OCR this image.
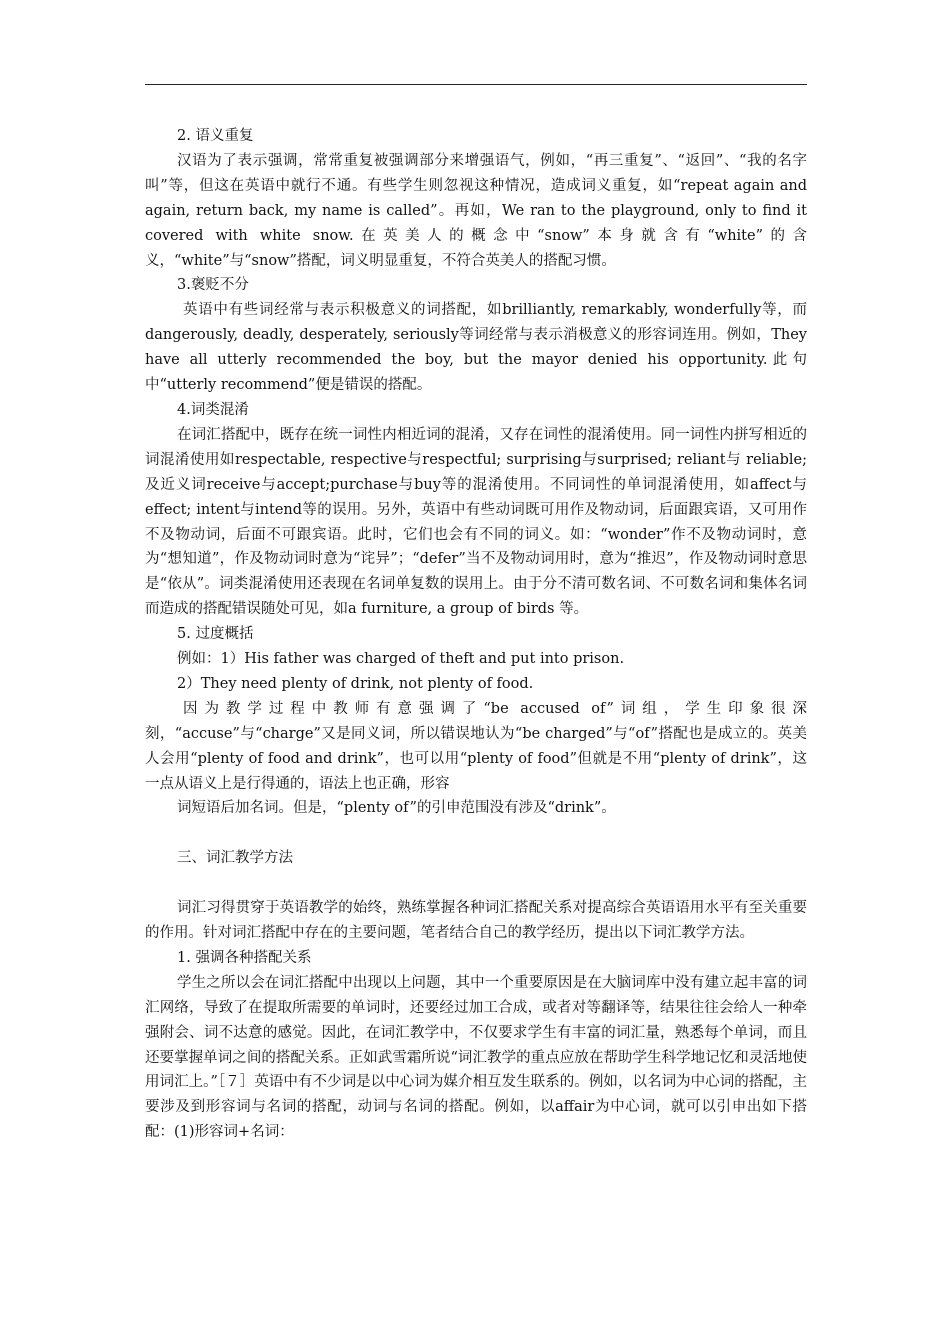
2. 语义重复

汉语为了表示强调，常常重复被强调部分来增强语气，例如，“再三重复”、“返回”、“我的名字叫”等，但这在英语中就行不通。有些学生则忽视这种情况，造成词义重复，如“repeat again and again, return back, my name is called”。再如，We ran to the playground, only to find it covered with white snow.在英美人的概念中“snow”本身就含有“white”的含义，“white”与“snow”搭配，词义明显重复，不符合英美人的搭配习惯。

3.褒贬不分

英语中有些词经常与表示积极意义的词搭配，如brilliantly, remarkably, wonderfully等，而dangerously, deadly, desperately, seriously等词经常与表示消极意义的形容词连用。例如，They have all utterly recommended the boy, but the mayor denied his opportunity.此句中“utterly recommend”便是错误的搭配。

4.词类混淆

在词汇搭配中，既存在统一词性内相近词的混淆，又存在词性的混淆使用。同一词性内拼写相近的词混淆使用如respectable, respective与respectful; surprising与surprised; reliant与 reliable;及近义词receive与accept;purchase与buy等的混淆使用。不同词性的单词混淆使用，如affect与effect; intent与intend等的误用。另外，英语中有些动词既可用作及物动词，后面跟宾语，又可用作不及物动词，后面不可跟宾语。此时，它们也会有不同的词义。如：“wonder”作不及物动词时，意为“想知道”，作及物动词时意为“诧异”；“defer”当不及物动词用时，意为“推迟”，作及物动词时意思是“依从”。词类混淆使用还表现在名词单复数的误用上。由于分不清可数名词、不可数名词和集体名词而造成的搭配错误随处可见，如a furniture, a group of birds 等。

5. 过度概括

例如：1）His father was charged of theft and put into prison.

2）They need plenty of drink, not plenty of food.

因为教学过程中教师有意强调了“be accused of”词组，学生印象很深刻，“accuse”与“charge”又是同义词，所以错误地认为“be charged”与“of”搭配也是成立的。英美人会用“plenty of food and drink”，也可以用“plenty of food”但就是不用“plenty of drink”，这一点从语义上是行得通的，语法上也正确，形容

词短语后加名词。但是，“plenty of”的引申范围没有涉及“drink”。

三、词汇教学方法

词汇习得贯穿于英语教学的始终，熟练掌握各种词汇搭配关系对提高综合英语语用水平有至关重要的作用。针对词汇搭配中存在的主要问题，笔者结合自己的教学经历，提出以下词汇教学方法。

1. 强调各种搭配关系

学生之所以会在词汇搭配中出现以上问题，其中一个重要原因是在大脑词库中没有建立起丰富的词汇网络，导致了在提取所需要的单词时，还要经过加工合成，或者对等翻译等，结果往往会给人一种牵强附会、词不达意的感觉。因此，在词汇教学中，不仅要求学生有丰富的词汇量，熟悉每个单词，而且还要掌握单词之间的搭配关系。正如武雪霜所说“词汇教学的重点应放在帮助学生科学地记忆和灵活地使用词汇上。”［７］英语中有不少词是以中心词为媒介相互发生联系的。例如，以名词为中心词的搭配，主要涉及到形容词与名词的搭配，动词与名词的搭配。例如，以affair为中心词，就可以引申出如下搭配：(1)形容词+名词：
